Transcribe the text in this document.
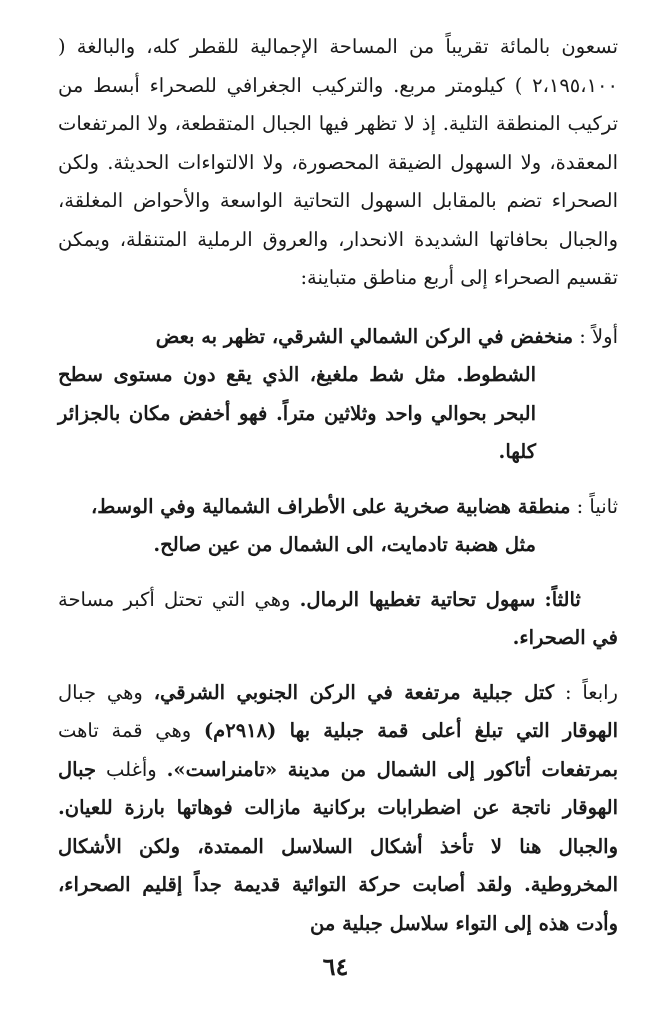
تسعون بالمائة تقريباً من المساحة الإجمالية للقطر كله، والبالغة ( ٢،١٩٥،١٠٠ ) كيلومتر مربع. والتركيب الجغرافي للصحراء أبسط من تركيب المنطقة التلية. إذ لا تظهر فيها الجبال المتقطعة، ولا المرتفعات المعقدة، ولا السهول الضيقة المحصورة، ولا الالتواءات الحديثة. ولكن الصحراء تضم بالمقابل السهول التحاتية الواسعة والأحواض المغلقة، والجبال بحافاتها الشديدة الانحدار، والعروق الرملية المتنقلة، ويمكن تقسيم الصحراء إلى أربع مناطق متباينة:

أولاً : منخفض في الركن الشمالي الشرقي، تظهر به بعض
الشطوط. مثل شط ملغيغ، الذي يقع دون مستوى سطح البحر بحوالي واحد وثلاثين متراً. فهو أخفض مكان بالجزائر كلها.

ثانياً : منطقة هضابية صخرية على الأطراف الشمالية وفي الوسط،
مثل هضبة تادمايت، الى الشمال من عين صالح.

ثالثاً: سهول تحاتية تغطيها الرمال. وهي التي تحتل أكبر مساحة في الصحراء.

رابعاً : كتل جبلية مرتفعة في الركن الجنوبي الشرقي، وهي جبال الهوقار التي تبلغ أعلى قمة جبلية بها (٢٩١٨م) وهي قمة تاهت بمرتفعات أتاكور إلى الشمال من مدينة «تامنراست». وأغلب جبال الهوقار ناتجة عن اضطرابات بركانية مازالت فوهاتها بارزة للعيان. والجبال هنا لا تأخذ أشكال السلاسل الممتدة، ولكن الأشكال المخروطية. ولقد أصابت حركة التوائية قديمة جداً إقليم الصحراء، وأدت هذه إلى التواء سلاسل جبلية من

٦٤
